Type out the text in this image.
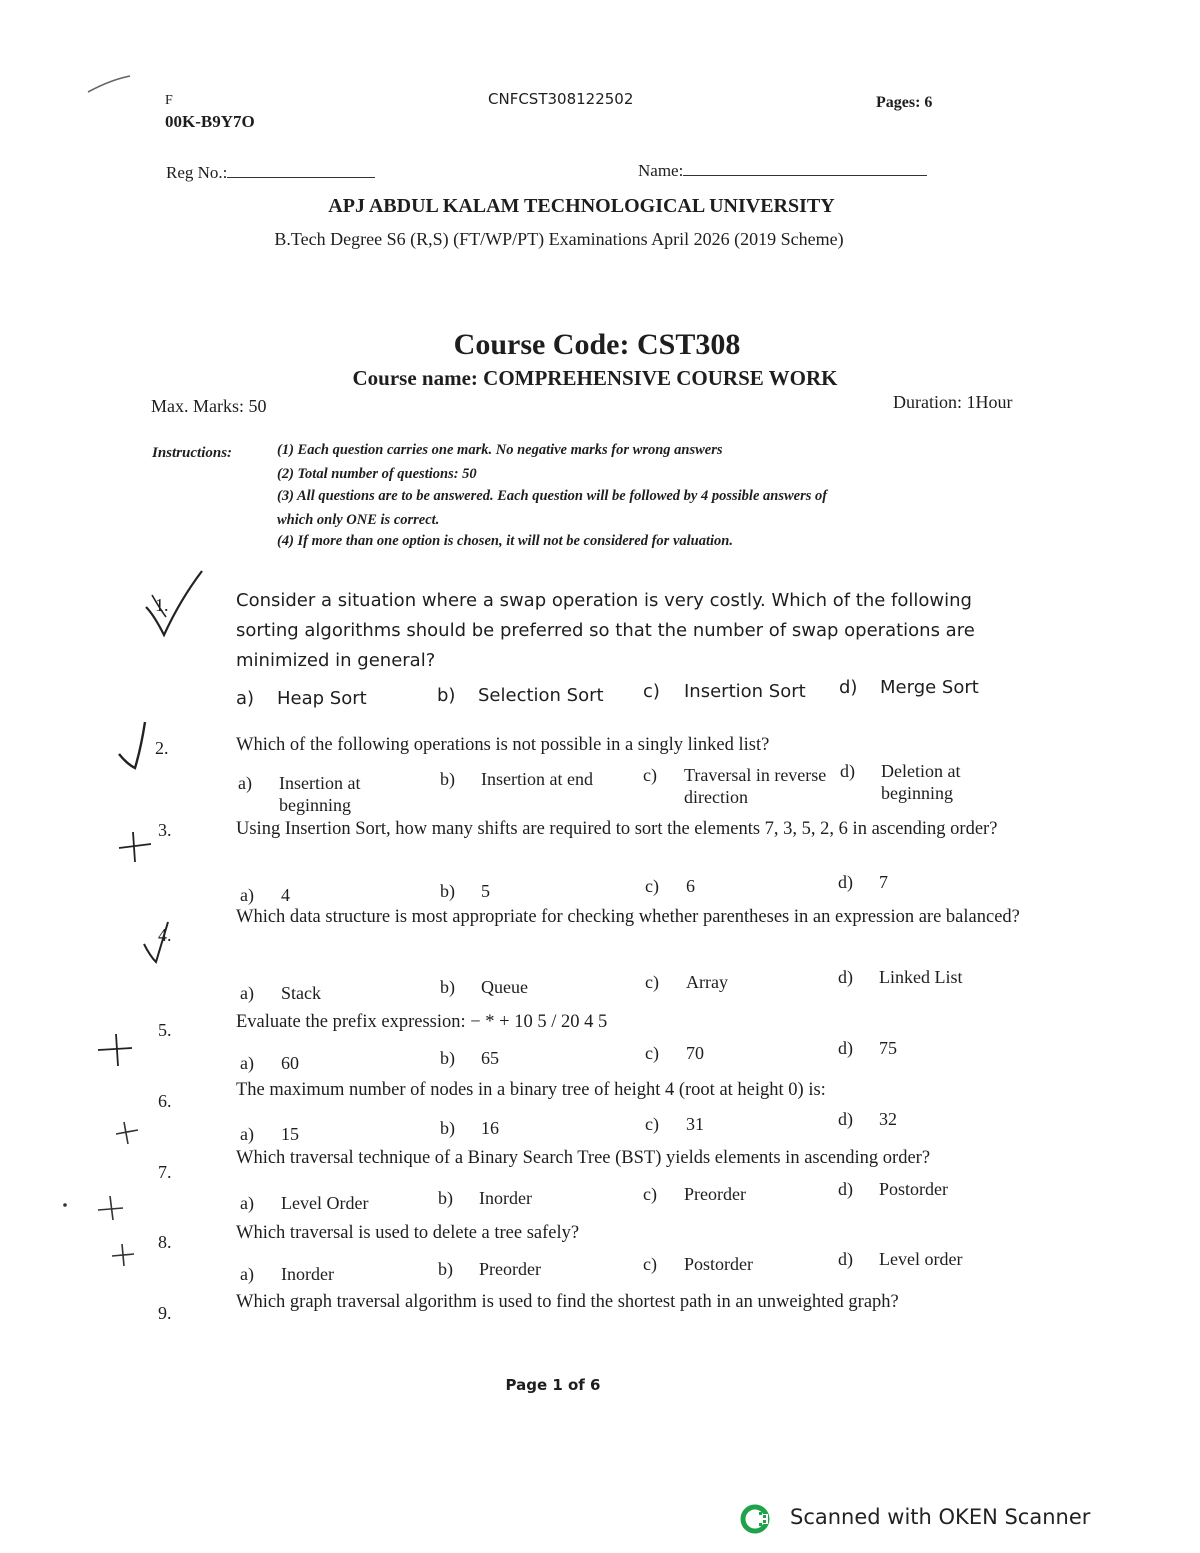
F
00K-B9Y7O
CNFCST308122502	Pages: 6
Reg No.:	Name:
APJ ABDUL KALAM TECHNOLOGICAL UNIVERSITY
B.Tech Degree S6 (R,S) (FT/WP/PT) Examinations April 2026 (2019 Scheme)
Course Code: CST308
Course name: COMPREHENSIVE COURSE WORK
Max. Marks: 50	Duration: 1Hour
Instructions:	(1) Each question carries one mark. No negative marks for wrong answers
(2) Total number of questions: 50
(3) All questions are to be answered. Each question will be followed by 4 possible answers of
which only ONE is correct.
(4) If more than one option is chosen, it will not be considered for valuation.
1.	Consider a situation where a swap operation is very costly. Which of the following sorting algorithms should be preferred so that the number of swap operations are minimized in general?
a) Heap Sort	b) Selection Sort c) Insertion Sort d) Merge Sort
2.	Which of the following operations is not possible in a singly linked list?
a) Insertion at beginning
b) Insertion at end	c) Traversal in reverse direction
d) Deletion at beginning
3.	Using Insertion Sort, how many shifts are required to sort the elements 7, 3, 5, 2, 6 in ascending order?
a) 4	b) 5	c) 6	d) 7
4.
Which data structure is most appropriate for checking whether parentheses in an expression are balanced?
a) Stack	b) Queue	c) Array	d) Linked List
5.	Evaluate the prefix expression: − * + 10 5 / 20 4 5
a) 60	b) 65	c) 70	d) 75
6.
The maximum number of nodes in a binary tree of height 4 (root at height 0) is:
a) 15	b) 16	c) 31	d) 32
7.
Which traversal technique of a Binary Search Tree (BST) yields elements in ascending order?
a) Level Order	b) Inorder	c) Preorder	d) Postorder
8.	Which traversal is used to delete a tree safely?
a) Inorder	b) Preorder	c) Postorder	d) Level order
9.
Which graph traversal algorithm is used to find the shortest path in an unweighted graph?
Page 1 of 6
Scanned with OKEN Scanner
